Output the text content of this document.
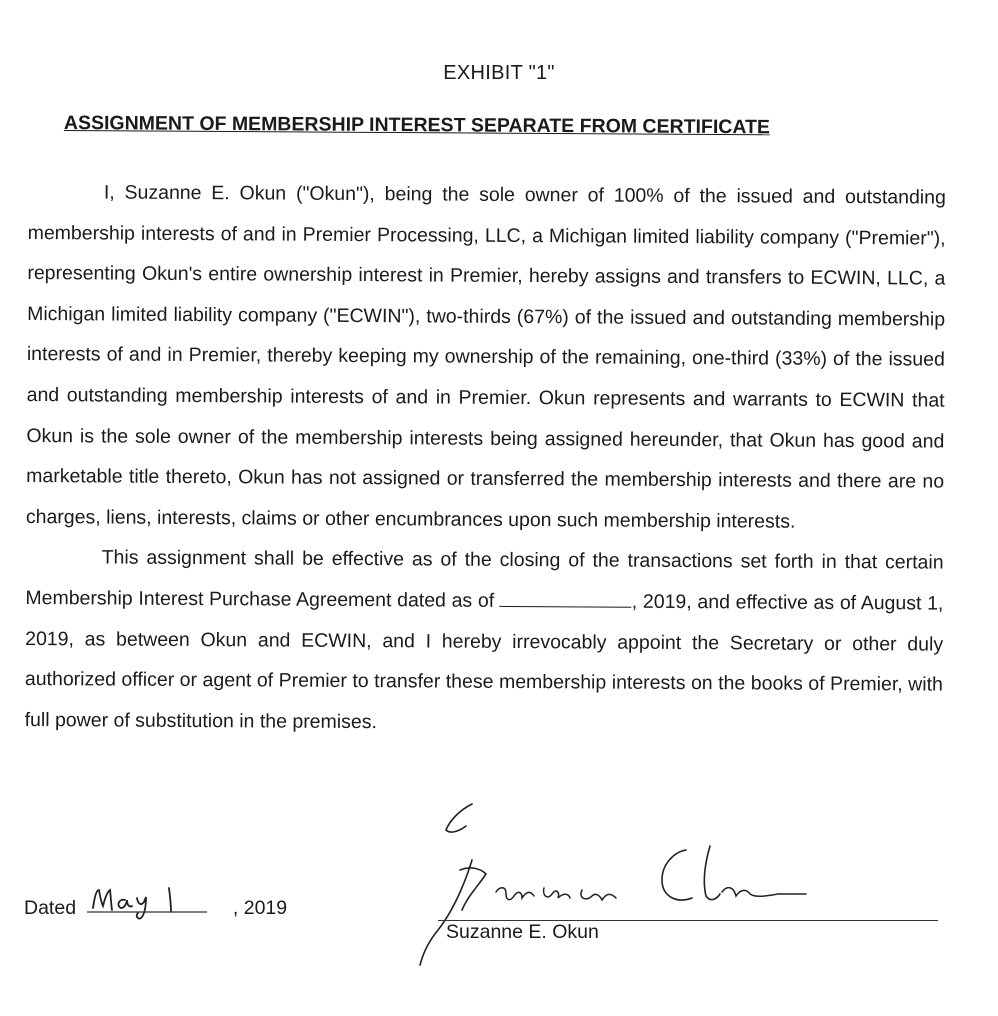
EXHIBIT "1"
ASSIGNMENT OF MEMBERSHIP INTEREST SEPARATE FROM CERTIFICATE

I, Suzanne E. Okun ("Okun"), being the sole owner of 100% of the issued and outstanding membership interests of and in Premier Processing, LLC, a Michigan limited liability company ("Premier"), representing Okun's entire ownership interest in Premier, hereby assigns and transfers to ECWIN, LLC, a Michigan limited liability company ("ECWIN"), two-thirds (67%) of the issued and outstanding membership interests of and in Premier, thereby keeping my ownership of the remaining, one-third (33%) of the issued and outstanding membership interests of and in Premier. Okun represents and warrants to ECWIN that Okun is the sole owner of the membership interests being assigned hereunder, that Okun has good and marketable title thereto, Okun has not assigned or transferred the membership interests and there are no charges, liens, interests, claims or other encumbrances upon such membership interests.

This assignment shall be effective as of the closing of the transactions set forth in that certain Membership Interest Purchase Agreement dated as of	, 2019, and effective as of August 1, 2019, as between Okun and ECWIN, and I hereby irrevocably appoint the Secretary or other duly authorized officer or agent of Premier to transfer these membership interests on the books of Premier, with full power of substitution in the premises.

Dated	, 2019
Suzanne E. Okun
